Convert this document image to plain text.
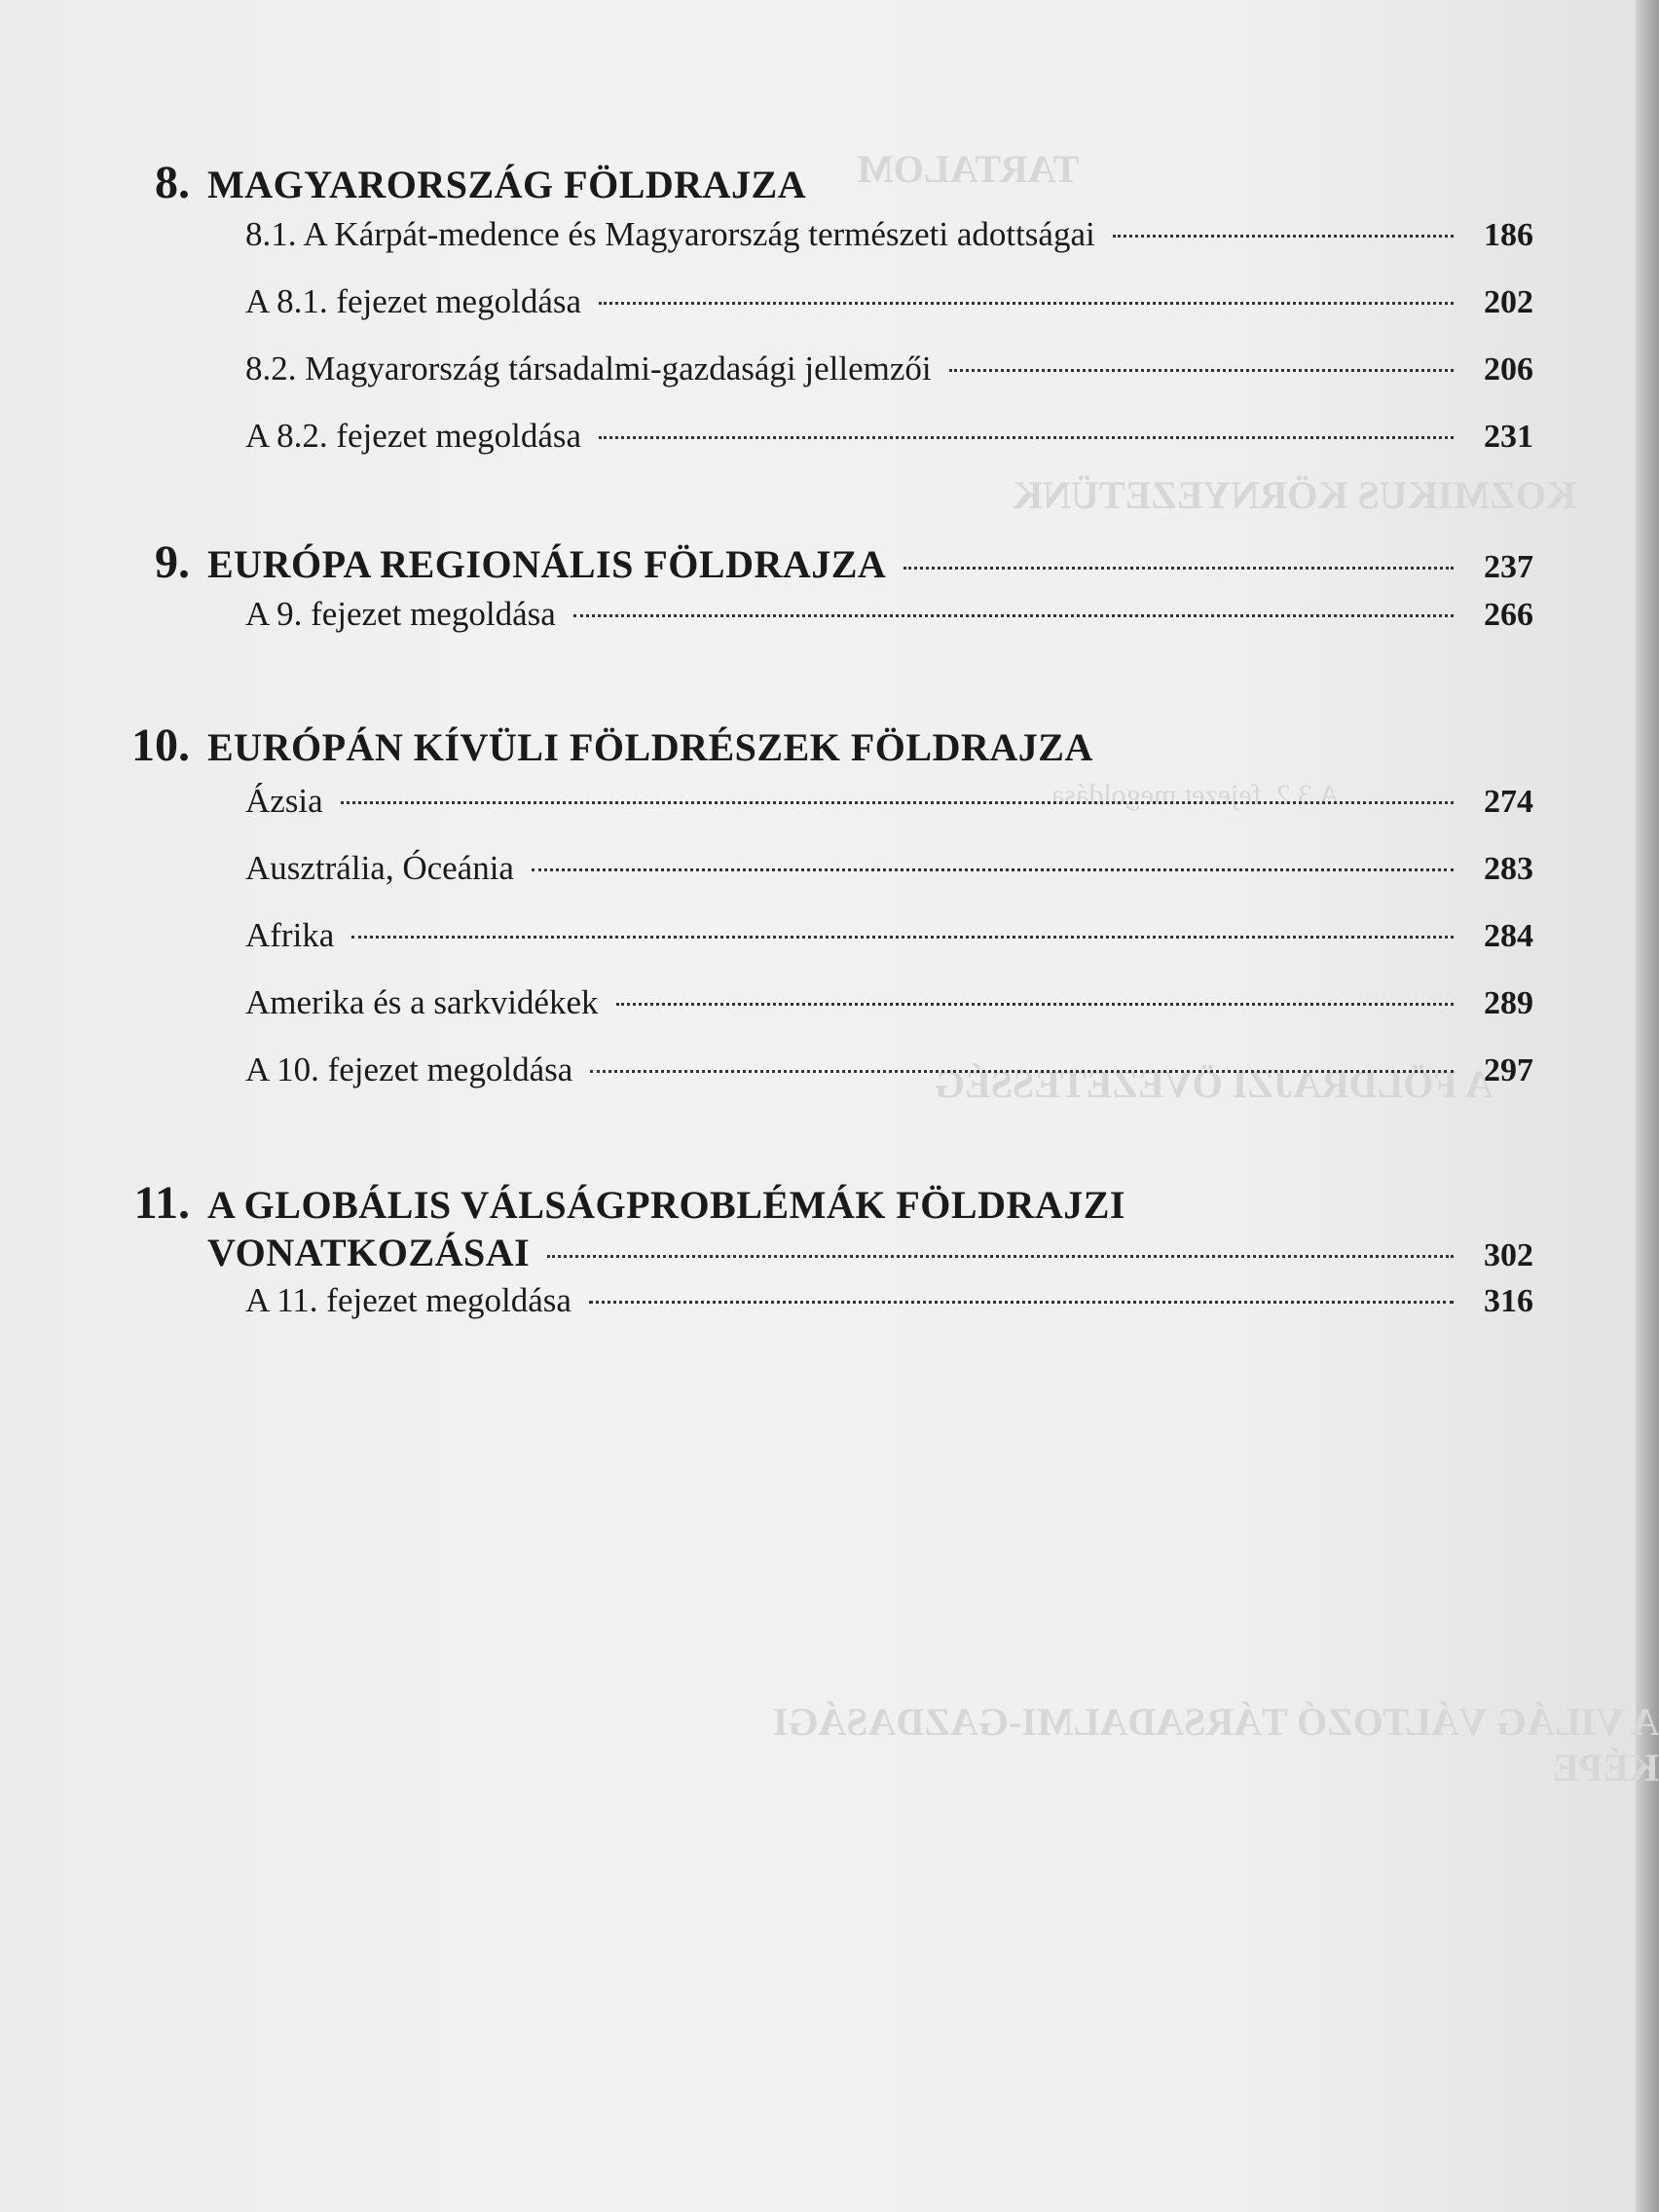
TARTALOM
KOZMIKUS KÖRNYEZETÜNK
A FÖLDRAJZI ÖVEZETESSÉG
A VILÁG VÁLTOZÓ TÁRSADALMI-GAZDASÁGI KÉPE
A 3.2. fejezet megoldása
8. MAGYARORSZÁG FÖLDRAJZA
8.1. A Kárpát-medence és Magyarország természeti adottságai	186
A 8.1. fejezet megoldása	202
8.2. Magyarország társadalmi-gazdasági jellemzői	206
A 8.2. fejezet megoldása	231
9. EURÓPA REGIONÁLIS FÖLDRAJZA	237
A 9. fejezet megoldása	266
10. EURÓPÁN KÍVÜLI FÖLDRÉSZEK FÖLDRAJZA
Ázsia	274
Ausztrália, Óceánia	283
Afrika	284
Amerika és a sarkvidékek	289
A 10. fejezet megoldása	297
11. A GLOBÁLIS VÁLSÁGPROBLÉMÁK FÖLDRAJZI
VONATKOZÁSAI	302
A 11. fejezet megoldása	316
